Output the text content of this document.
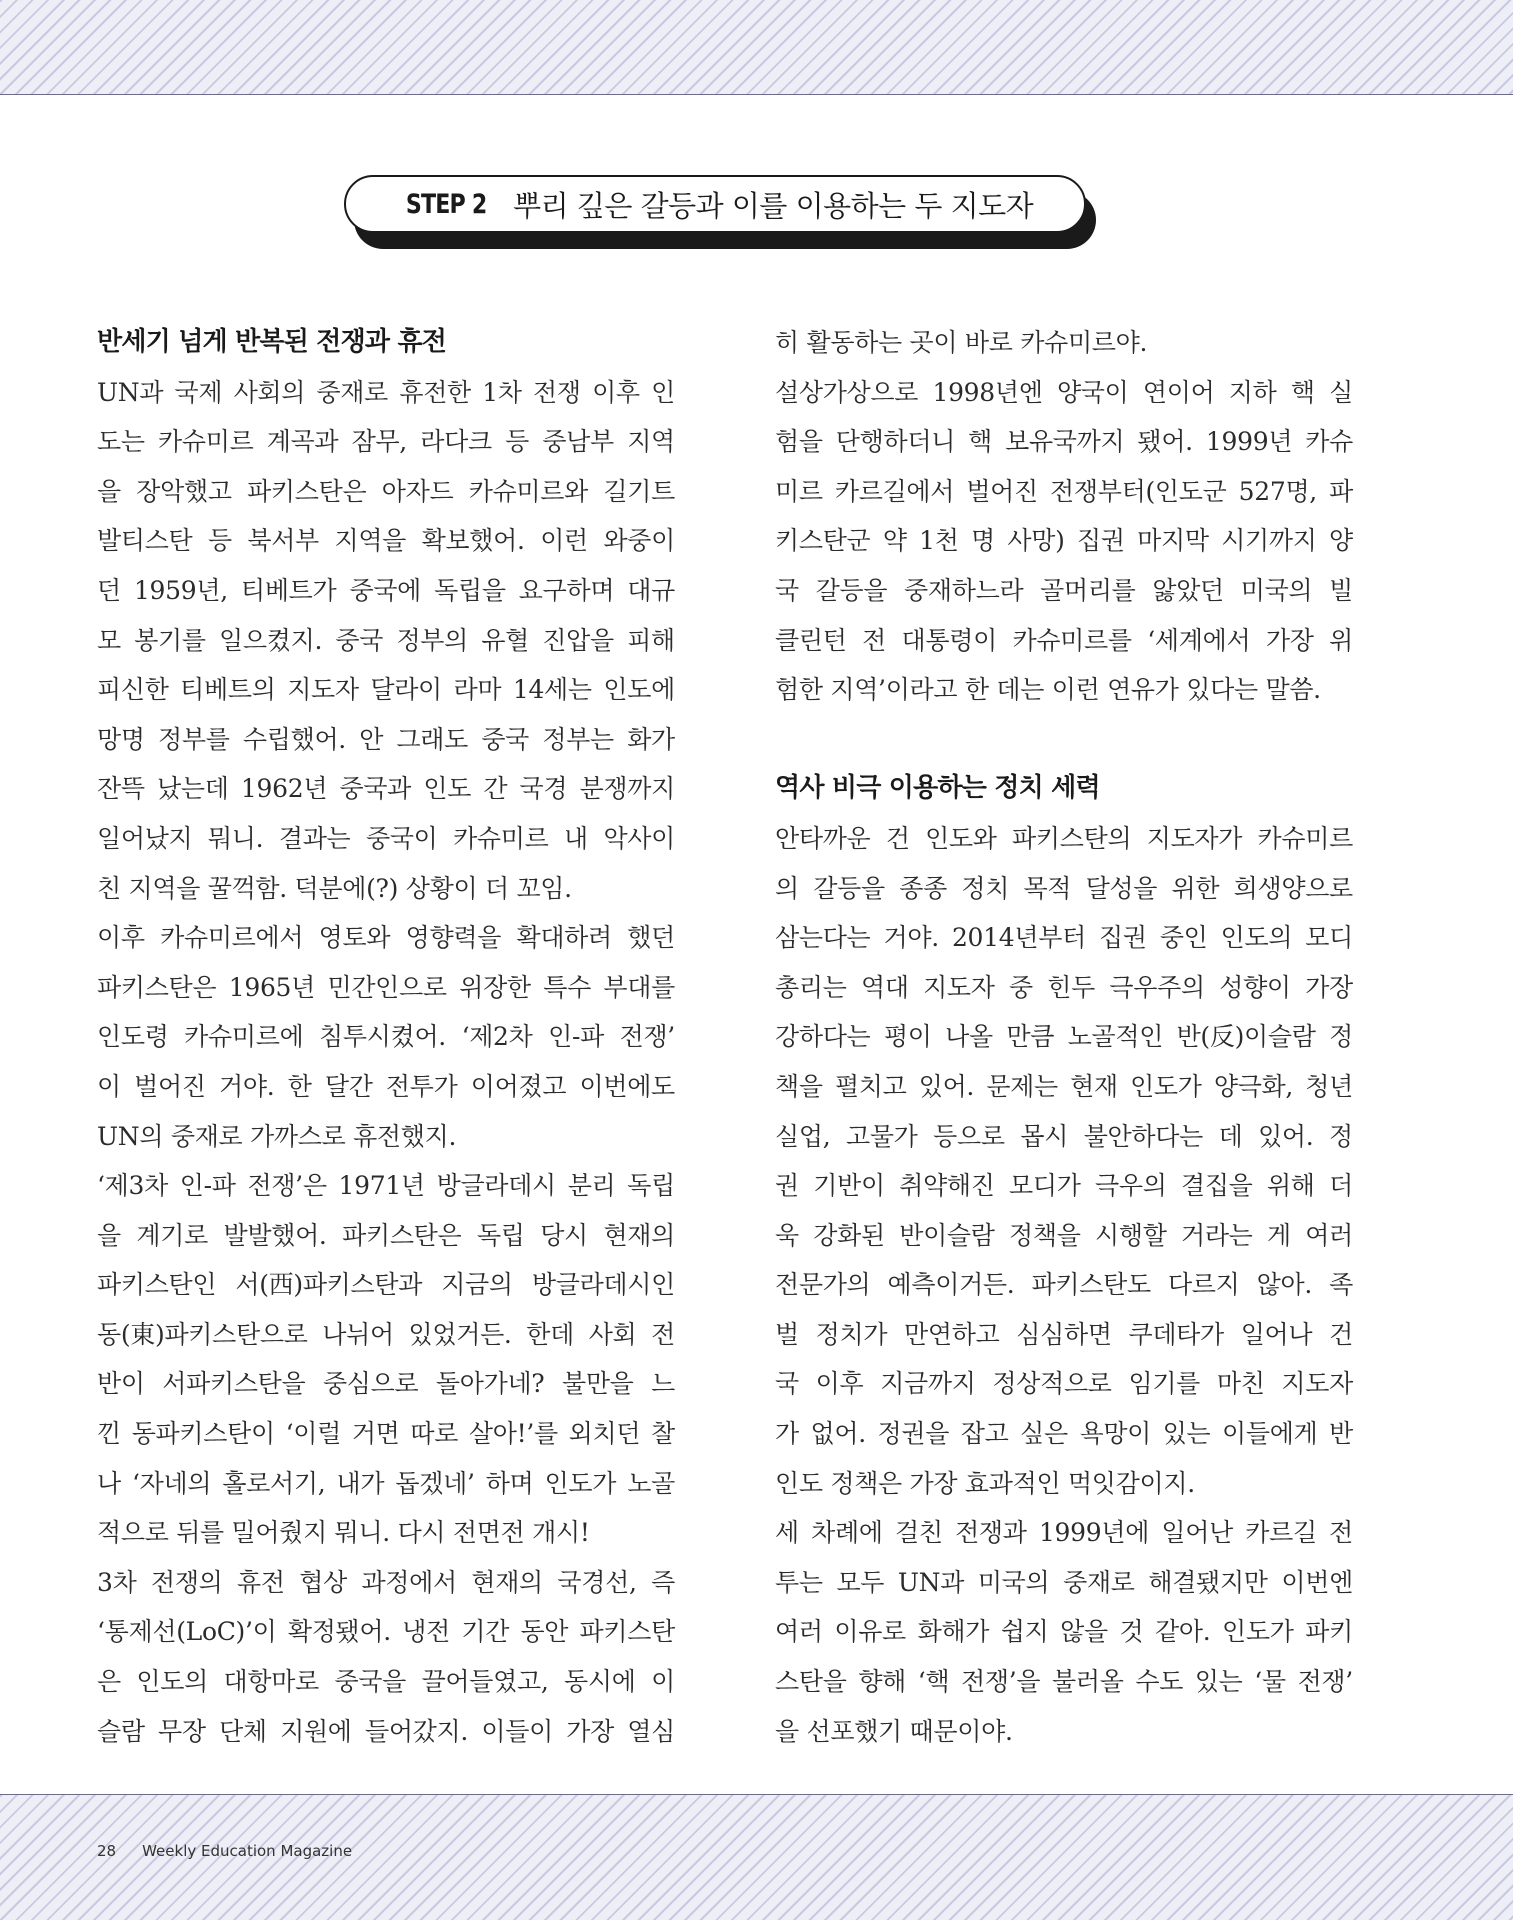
STEP 2 뿌리 깊은 갈등과 이를 이용하는 두 지도자
반세기 넘게 반복된 전쟁과 휴전
UN과 국제 사회의 중재로 휴전한 1차 전쟁 이후 인
도는 카슈미르 계곡과 잠무, 라다크 등 중남부 지역
을 장악했고 파키스탄은 아자드 카슈미르와 길기트
발티스탄 등 북서부 지역을 확보했어. 이런 와중이
던 1959년, 티베트가 중국에 독립을 요구하며 대규
모 봉기를 일으켰지. 중국 정부의 유혈 진압을 피해
피신한 티베트의 지도자 달라이 라마 14세는 인도에
망명 정부를 수립했어. 안 그래도 중국 정부는 화가
잔뜩 났는데 1962년 중국과 인도 간 국경 분쟁까지
일어났지 뭐니. 결과는 중국이 카슈미르 내 악사이
친 지역을 꿀꺽함. 덕분에(?) 상황이 더 꼬임.
이후 카슈미르에서 영토와 영향력을 확대하려 했던
파키스탄은 1965년 민간인으로 위장한 특수 부대를
인도령 카슈미르에 침투시켰어. ‘제2차 인-파 전쟁’
이 벌어진 거야. 한 달간 전투가 이어졌고 이번에도
UN의 중재로 가까스로 휴전했지.
‘제3차 인-파 전쟁’은 1971년 방글라데시 분리 독립
을 계기로 발발했어. 파키스탄은 독립 당시 현재의
파키스탄인 서(西)파키스탄과 지금의 방글라데시인
동(東)파키스탄으로 나뉘어 있었거든. 한데 사회 전
반이 서파키스탄을 중심으로 돌아가네? 불만을 느
낀 동파키스탄이 ‘이럴 거면 따로 살아!’를 외치던 찰
나 ‘자네의 홀로서기, 내가 돕겠네’ 하며 인도가 노골
적으로 뒤를 밀어줬지 뭐니. 다시 전면전 개시!
3차 전쟁의 휴전 협상 과정에서 현재의 국경선, 즉
‘통제선(LoC)’이 확정됐어. 냉전 기간 동안 파키스탄
은 인도의 대항마로 중국을 끌어들였고, 동시에 이
슬람 무장 단체 지원에 들어갔지. 이들이 가장 열심
히 활동하는 곳이 바로 카슈미르야.
설상가상으로 1998년엔 양국이 연이어 지하 핵 실
험을 단행하더니 핵 보유국까지 됐어. 1999년 카슈
미르 카르길에서 벌어진 전쟁부터(인도군 527명, 파
키스탄군 약 1천 명 사망) 집권 마지막 시기까지 양
국 갈등을 중재하느라 골머리를 앓았던 미국의 빌
클린턴 전 대통령이 카슈미르를 ‘세계에서 가장 위
험한 지역’이라고 한 데는 이런 연유가 있다는 말씀.
역사 비극 이용하는 정치 세력
안타까운 건 인도와 파키스탄의 지도자가 카슈미르
의 갈등을 종종 정치 목적 달성을 위한 희생양으로
삼는다는 거야. 2014년부터 집권 중인 인도의 모디
총리는 역대 지도자 중 힌두 극우주의 성향이 가장
강하다는 평이 나올 만큼 노골적인 반(反)이슬람 정
책을 펼치고 있어. 문제는 현재 인도가 양극화, 청년
실업, 고물가 등으로 몹시 불안하다는 데 있어. 정
권 기반이 취약해진 모디가 극우의 결집을 위해 더
욱 강화된 반이슬람 정책을 시행할 거라는 게 여러
전문가의 예측이거든. 파키스탄도 다르지 않아. 족
벌 정치가 만연하고 심심하면 쿠데타가 일어나 건
국 이후 지금까지 정상적으로 임기를 마친 지도자
가 없어. 정권을 잡고 싶은 욕망이 있는 이들에게 반
인도 정책은 가장 효과적인 먹잇감이지.
세 차례에 걸친 전쟁과 1999년에 일어난 카르길 전
투는 모두 UN과 미국의 중재로 해결됐지만 이번엔
여러 이유로 화해가 쉽지 않을 것 같아. 인도가 파키
스탄을 향해 ‘핵 전쟁’을 불러올 수도 있는 ‘물 전쟁’
을 선포했기 때문이야.
28 Weekly Education Magazine
